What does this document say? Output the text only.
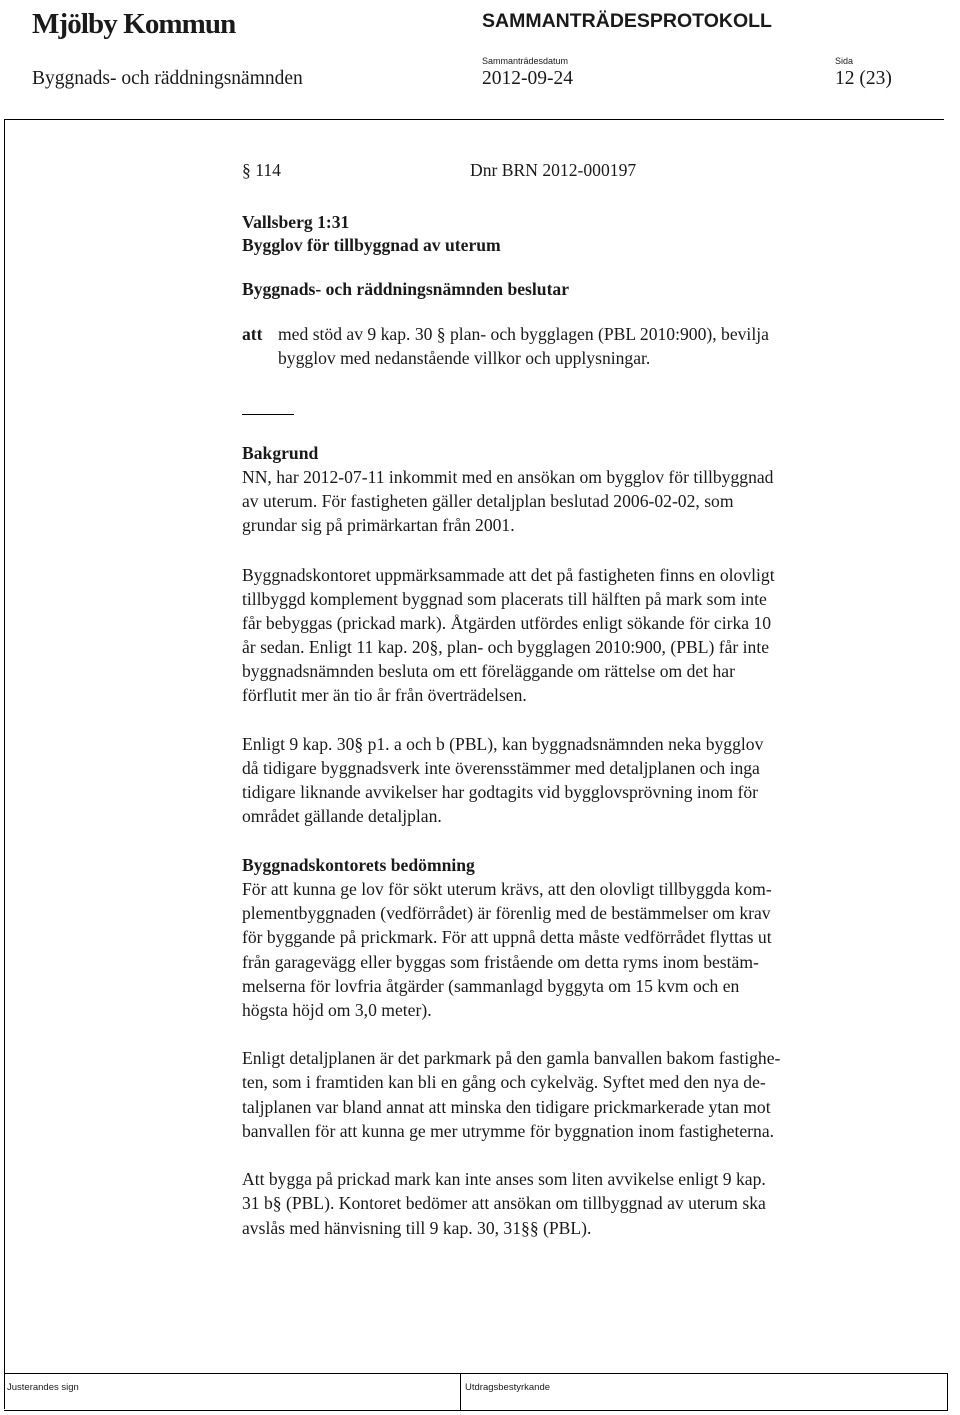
Mjölby Kommun	SAMMANTRÄDESPROTOKOLL
Sammanträdesdatum	Sida
Byggnads- och räddningsnämnden	2012-09-24	12 (23)
§ 114	Dnr BRN 2012-000197
Vallsberg 1:31
Bygglov för tillbyggnad av uterum
Byggnads- och räddningsnämnden beslutar
att med stöd av 9 kap. 30 § plan- och bygglagen (PBL 2010:900), bevilja
bygglov med nedanstående villkor och upplysningar.
Bakgrund
NN, har 2012-07-11 inkommit med en ansökan om bygglov för tillbyggnad
av uterum. För fastigheten gäller detaljplan beslutad 2006-02-02, som
grundar sig på primärkartan från 2001.
Byggnadskontoret uppmärksammade att det på fastigheten finns en olovligt
tillbyggd komplement byggnad som placerats till hälften på mark som inte
får bebyggas (prickad mark). Åtgärden utfördes enligt sökande för cirka 10
år sedan. Enligt 11 kap. 20§, plan- och bygglagen 2010:900, (PBL) får inte
byggnadsnämnden besluta om ett föreläggande om rättelse om det har
förflutit mer än tio år från överträdelsen.
Enligt 9 kap. 30§ p1. a och b (PBL), kan byggnadsnämnden neka bygglov
då tidigare byggnadsverk inte överensstämmer med detaljplanen och inga
tidigare liknande avvikelser har godtagits vid bygglovsprövning inom för
området gällande detaljplan.
Byggnadskontorets bedömning
För att kunna ge lov för sökt uterum krävs, att den olovligt tillbyggda kom-
plementbyggnaden (vedförrådet) är förenlig med de bestämmelser om krav
för byggande på prickmark. För att uppnå detta måste vedförrådet flyttas ut
från garagevägg eller byggas som fristående om detta ryms inom bestäm-
melserna för lovfria åtgärder (sammanlagd byggyta om 15 kvm och en
högsta höjd om 3,0 meter).
Enligt detaljplanen är det parkmark på den gamla banvallen bakom fastighe-
ten, som i framtiden kan bli en gång och cykelväg. Syftet med den nya de-
taljplanen var bland annat att minska den tidigare prickmarkerade ytan mot
banvallen för att kunna ge mer utrymme för byggnation inom fastigheterna.
Att bygga på prickad mark kan inte anses som liten avvikelse enligt 9 kap.
31 b§ (PBL). Kontoret bedömer att ansökan om tillbyggnad av uterum ska
avslås med hänvisning till 9 kap. 30, 31§§ (PBL).
Justerandes sign	Utdragsbestyrkande
